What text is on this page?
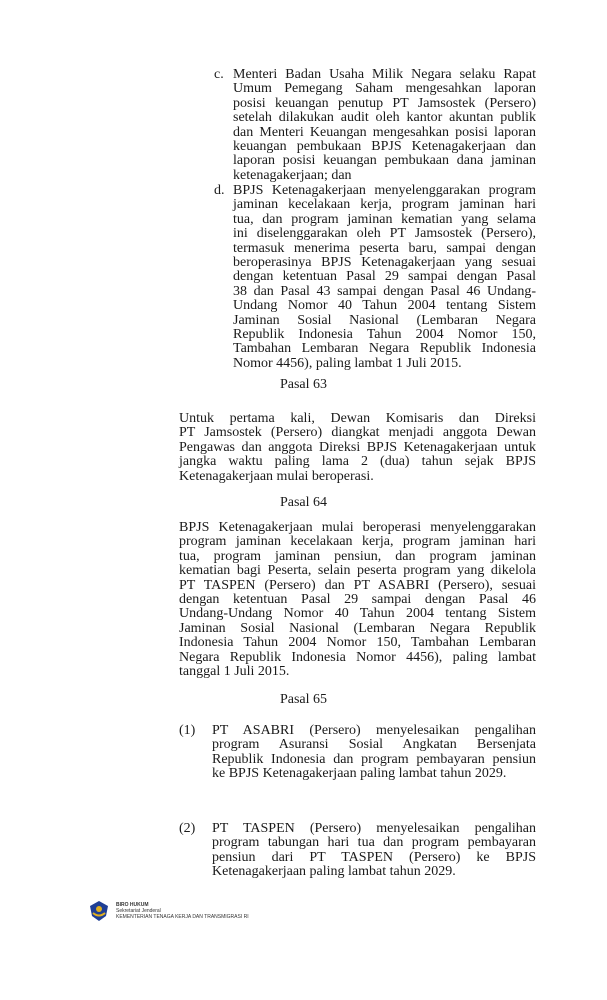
c. Menteri Badan Usaha Milik Negara selaku Rapat
Umum Pemegang Saham mengesahkan laporan
posisi keuangan penutup PT Jamsostek (Persero)
setelah dilakukan audit oleh kantor akuntan publik
dan Menteri Keuangan mengesahkan posisi laporan
keuangan pembukaan BPJS Ketenagakerjaan dan
laporan posisi keuangan pembukaan dana jaminan
ketenagakerjaan; dan
d. BPJS Ketenagakerjaan menyelenggarakan program
jaminan kecelakaan kerja, program jaminan hari
tua, dan program jaminan kematian yang selama
ini diselenggarakan oleh PT Jamsostek (Persero),
termasuk menerima peserta baru, sampai dengan
beroperasinya BPJS Ketenagakerjaan yang sesuai
dengan ketentuan Pasal 29 sampai dengan Pasal
38 dan Pasal 43 sampai dengan Pasal 46 Undang-
Undang Nomor 40 Tahun 2004 tentang Sistem
Jaminan Sosial Nasional (Lembaran Negara
Republik Indonesia Tahun 2004 Nomor 150,
Tambahan Lembaran Negara Republik Indonesia
Nomor 4456), paling lambat 1 Juli 2015.
Pasal 63
Untuk pertama kali, Dewan Komisaris dan Direksi
PT Jamsostek (Persero) diangkat menjadi anggota Dewan
Pengawas dan anggota Direksi BPJS Ketenagakerjaan untuk
jangka waktu paling lama 2 (dua) tahun sejak BPJS
Ketenagakerjaan mulai beroperasi.
Pasal 64
BPJS Ketenagakerjaan mulai beroperasi menyelenggarakan
program jaminan kecelakaan kerja, program jaminan hari
tua, program jaminan pensiun, dan program jaminan
kematian bagi Peserta, selain peserta program yang dikelola
PT TASPEN (Persero) dan PT ASABRI (Persero), sesuai
dengan ketentuan Pasal 29 sampai dengan Pasal 46
Undang-Undang Nomor 40 Tahun 2004 tentang Sistem
Jaminan Sosial Nasional (Lembaran Negara Republik
Indonesia Tahun 2004 Nomor 150, Tambahan Lembaran
Negara Republik Indonesia Nomor 4456), paling lambat
tanggal 1 Juli 2015.
Pasal 65
(1) PT ASABRI (Persero) menyelesaikan pengalihan
program Asuransi Sosial Angkatan Bersenjata
Republik Indonesia dan program pembayaran pensiun
ke BPJS Ketenagakerjaan paling lambat tahun 2029.
(2) PT TASPEN (Persero) menyelesaikan pengalihan
program tabungan hari tua dan program pembayaran
pensiun dari PT TASPEN (Persero) ke BPJS
Ketenagakerjaan paling lambat tahun 2029.
BIRO HUKUM
Sekretariat Jenderal
KEMENTERIAN TENAGA KERJA DAN TRANSMIGRASI RI
